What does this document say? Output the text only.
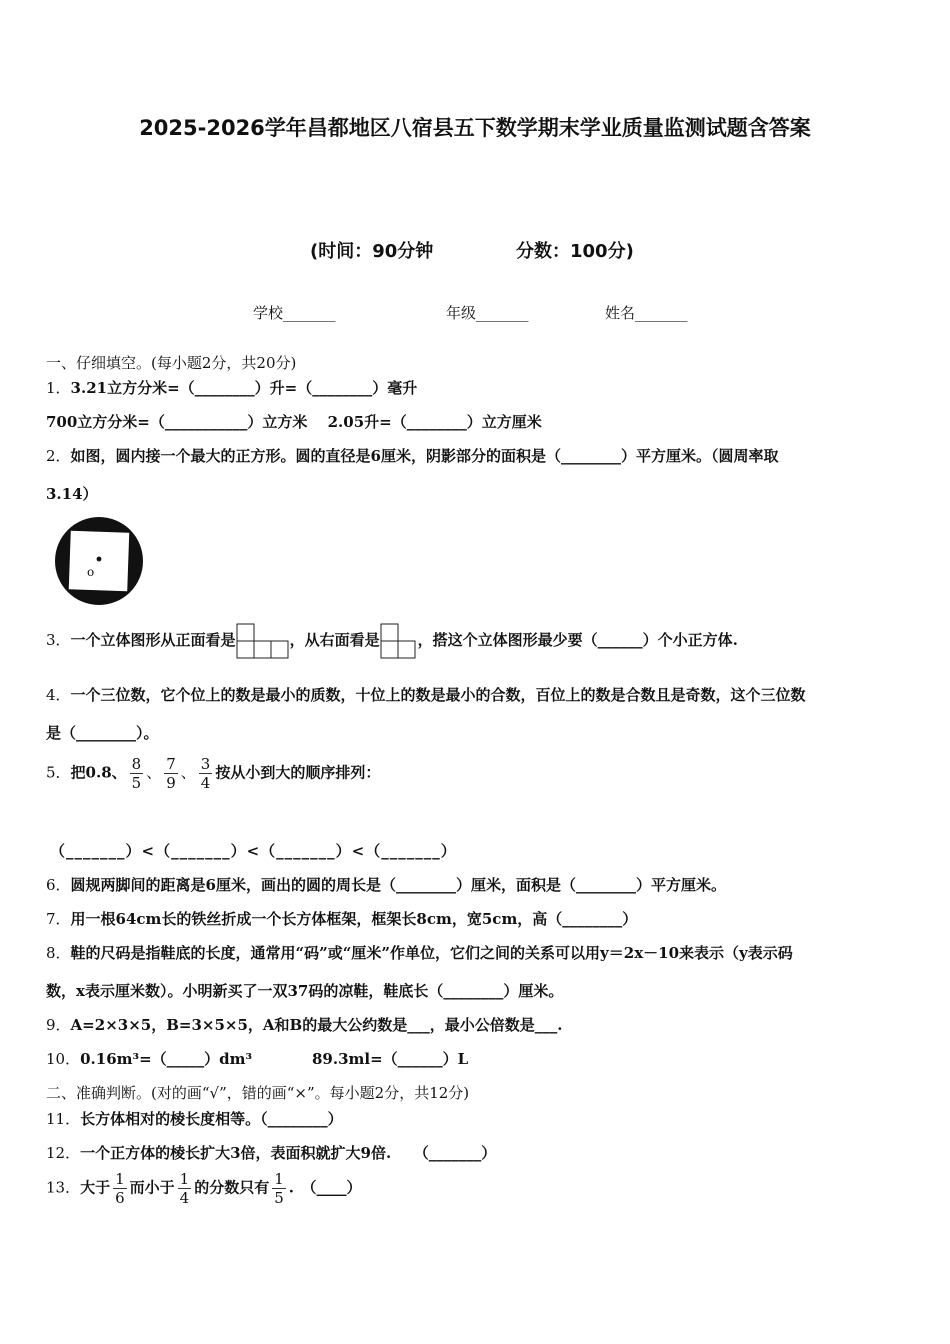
2025-2026学年昌都地区八宿县五下数学期末学业质量监测试题含答案
(时间：90分钟	分数：100分)
学校_______	年级_______	姓名_______
一、仔细填空。(每小题2分，共20分)
1．3.21立方分米=（________）升=（________）毫升
700立方分米=（___________）立方米　 2.05升=（________）立方厘米
2．如图，圆内接一个最大的正方形。圆的直径是6厘米，阴影部分的面积是（________）平方厘米。（圆周率取
3.14）
o
3．一个立体图形从正面看是	，从右面看是	，搭这个立体图形最少要（______）个小正方体.
4．一个三位数，它个位上的数是最小的质数，十位上的数是最小的合数，百位上的数是合数且是奇数，这个三位数
是（________）。
5．把0.8、 $\frac{8}{5}$ 、 $\frac{7}{9}$ 、 $\frac{3}{4}$ 按从小到大的顺序排列：
（_______）<（_______）<（_______）<（_______）
6．圆规两脚间的距离是6厘米，画出的圆的周长是（________）厘米，面积是（________）平方厘米。
7．用一根64cm长的铁丝折成一个长方体框架，框架长8cm，宽5cm，高（________）
8．鞋的尺码是指鞋底的长度，通常用“码”或“厘米”作单位，它们之间的关系可以用y＝2x－10来表示（y表示码
数，x表示厘米数）。小明新买了一双37码的凉鞋，鞋底长（________）厘米。
9．A=2×3×5，B=3×5×5，A和B的最大公约数是___，最小公倍数是___.
10．0.16m³=（_____）dm³	89.3ml=（______）L
二、准确判断。(对的画“√”，错的画“×”。每小题2分，共12分)
11．长方体相对的棱长度相等。（________）
12．一个正方体的棱长扩大3倍，表面积就扩大9倍.　　（_______）
13．大于 $\frac{1}{6}$ 而小于 $\frac{1}{4}$ 的分数只有 $\frac{1}{5}$ .　（____）
